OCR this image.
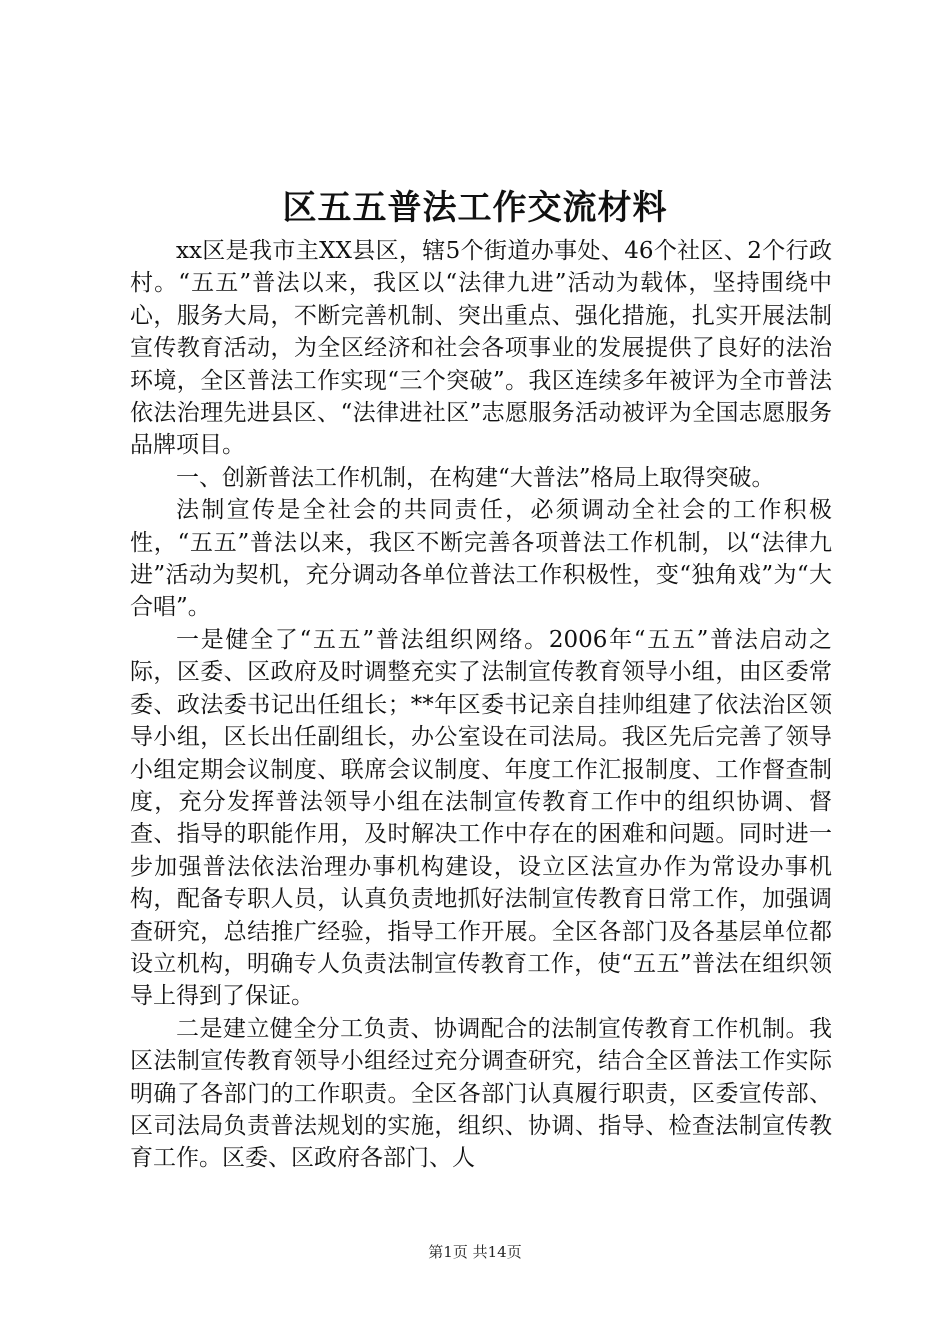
区五五普法工作交流材料

xx区是我市主XX县区，辖5个街道办事处、46个社区、2个行政村。“五五”普法以来，我区以“法律九进”活动为载体，坚持围绕中心，服务大局，不断完善机制、突出重点、强化措施，扎实开展法制宣传教育活动，为全区经济和社会各项事业的发展提供了良好的法治环境，全区普法工作实现“三个突破”。我区连续多年被评为全市普法依法治理先进县区、“法律进社区”志愿服务活动被评为全国志愿服务品牌项目。

一、创新普法工作机制，在构建“大普法”格局上取得突破。

法制宣传是全社会的共同责任，必须调动全社会的工作积极性，“五五”普法以来，我区不断完善各项普法工作机制，以“法律九进”活动为契机，充分调动各单位普法工作积极性，变“独角戏”为“大合唱”。

一是健全了“五五”普法组织网络。2006年“五五”普法启动之际，区委、区政府及时调整充实了法制宣传教育领导小组，由区委常委、政法委书记出任组长；**年区委书记亲自挂帅组建了依法治区领导小组，区长出任副组长，办公室设在司法局。我区先后完善了领导小组定期会议制度、联席会议制度、年度工作汇报制度、工作督查制度，充分发挥普法领导小组在法制宣传教育工作中的组织协调、督查、指导的职能作用，及时解决工作中存在的困难和问题。同时进一步加强普法依法治理办事机构建设，设立区法宣办作为常设办事机构，配备专职人员，认真负责地抓好法制宣传教育日常工作，加强调查研究，总结推广经验，指导工作开展。全区各部门及各基层单位都设立机构，明确专人负责法制宣传教育工作，使“五五”普法在组织领导上得到了保证。

二是建立健全分工负责、协调配合的法制宣传教育工作机制。我区法制宣传教育领导小组经过充分调查研究，结合全区普法工作实际明确了各部门的工作职责。全区各部门认真履行职责，区委宣传部、区司法局负责普法规划的实施，组织、协调、指导、检查法制宣传教育工作。区委、区政府各部门、人

第1页 共14页
